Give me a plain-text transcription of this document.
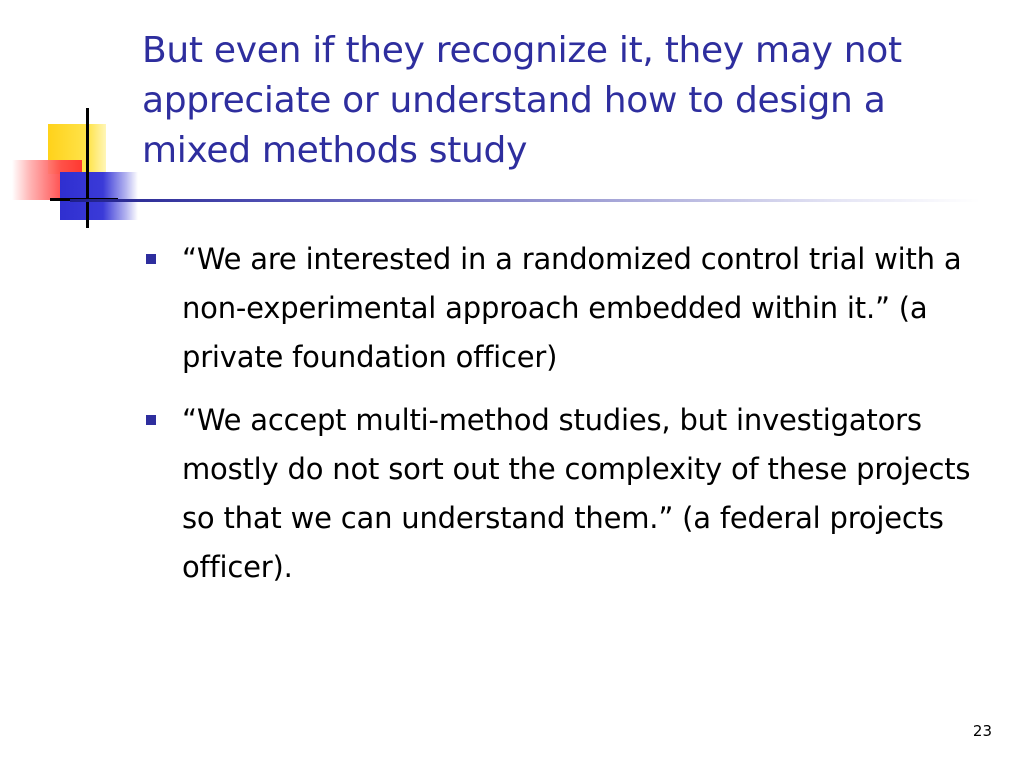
But even if they recognize it, they may not appreciate or understand how to design a mixed methods study
“We are interested in a randomized control trial with a non-experimental approach embedded within it.” (a private foundation officer)
“We accept multi-method studies, but investigators mostly do not sort out the complexity of these projects so that we can understand them.” (a federal projects officer).
23
